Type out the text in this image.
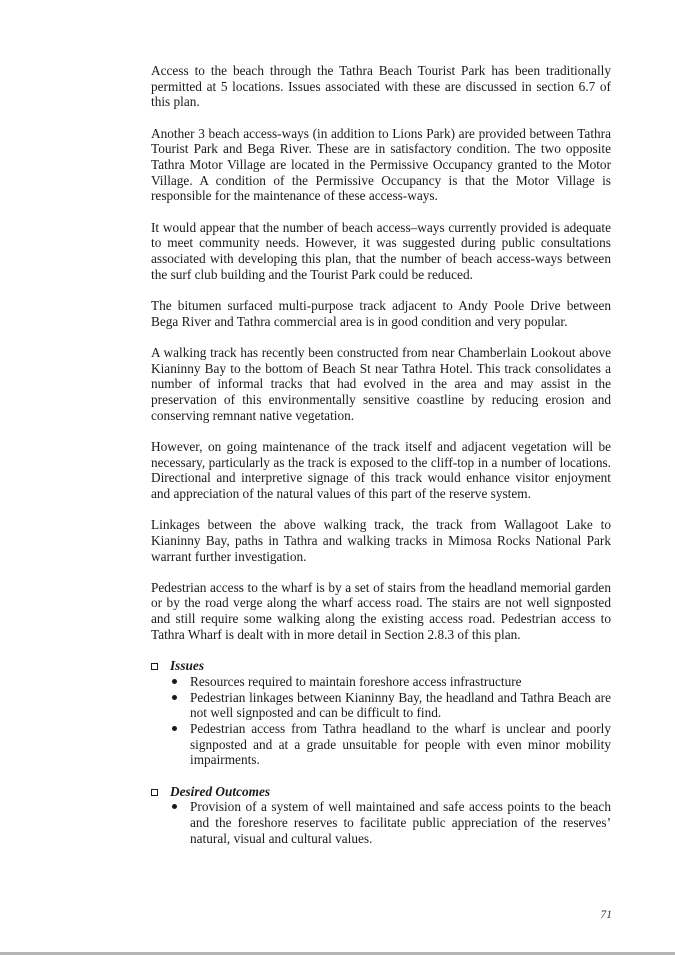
Access to the beach through the Tathra Beach Tourist Park has been traditionally permitted at 5 locations. Issues associated with these are discussed in section 6.7 of this plan.

Another 3 beach access-ways (in addition to Lions Park) are provided between Tathra Tourist Park and Bega River. These are in satisfactory condition. The two opposite Tathra Motor Village are located in the Permissive Occupancy granted to the Motor Village. A condition of the Permissive Occupancy is that the Motor Village is responsible for the maintenance of these access-ways.

It would appear that the number of beach access–ways currently provided is adequate to meet community needs. However, it was suggested during public consultations associated with developing this plan, that the number of beach access-ways between the surf club building and the Tourist Park could be reduced.

The bitumen surfaced multi-purpose track adjacent to Andy Poole Drive between Bega River and Tathra commercial area is in good condition and very popular.

A walking track has recently been constructed from near Chamberlain Lookout above Kianinny Bay to the bottom of Beach St near Tathra Hotel. This track consolidates a number of informal tracks that had evolved in the area and may assist in the preservation of this environmentally sensitive coastline by reducing erosion and conserving remnant native vegetation.

However, on going maintenance of the track itself and adjacent vegetation will be necessary, particularly as the track is exposed to the cliff-top in a number of locations. Directional and interpretive signage of this track would enhance visitor enjoyment and appreciation of the natural values of this part of the reserve system.

Linkages between the above walking track, the track from Wallagoot Lake to Kianinny Bay, paths in Tathra and walking tracks in Mimosa Rocks National Park warrant further investigation.

Pedestrian access to the wharf is by a set of stairs from the headland memorial garden or by the road verge along the wharf access road. The stairs are not well signposted and still require some walking along the existing access road. Pedestrian access to Tathra Wharf is dealt with in more detail in Section 2.8.3 of this plan.

Issues
Resources required to maintain foreshore access infrastructure
Pedestrian linkages between Kianinny Bay, the headland and Tathra Beach are not well signposted and can be difficult to find.
Pedestrian access from Tathra headland to the wharf is unclear and poorly signposted and at a grade unsuitable for people with even minor mobility impairments.
Desired Outcomes
Provision of a system of well maintained and safe access points to the beach and the foreshore reserves to facilitate public appreciation of the reserves’ natural, visual and cultural values.
71
